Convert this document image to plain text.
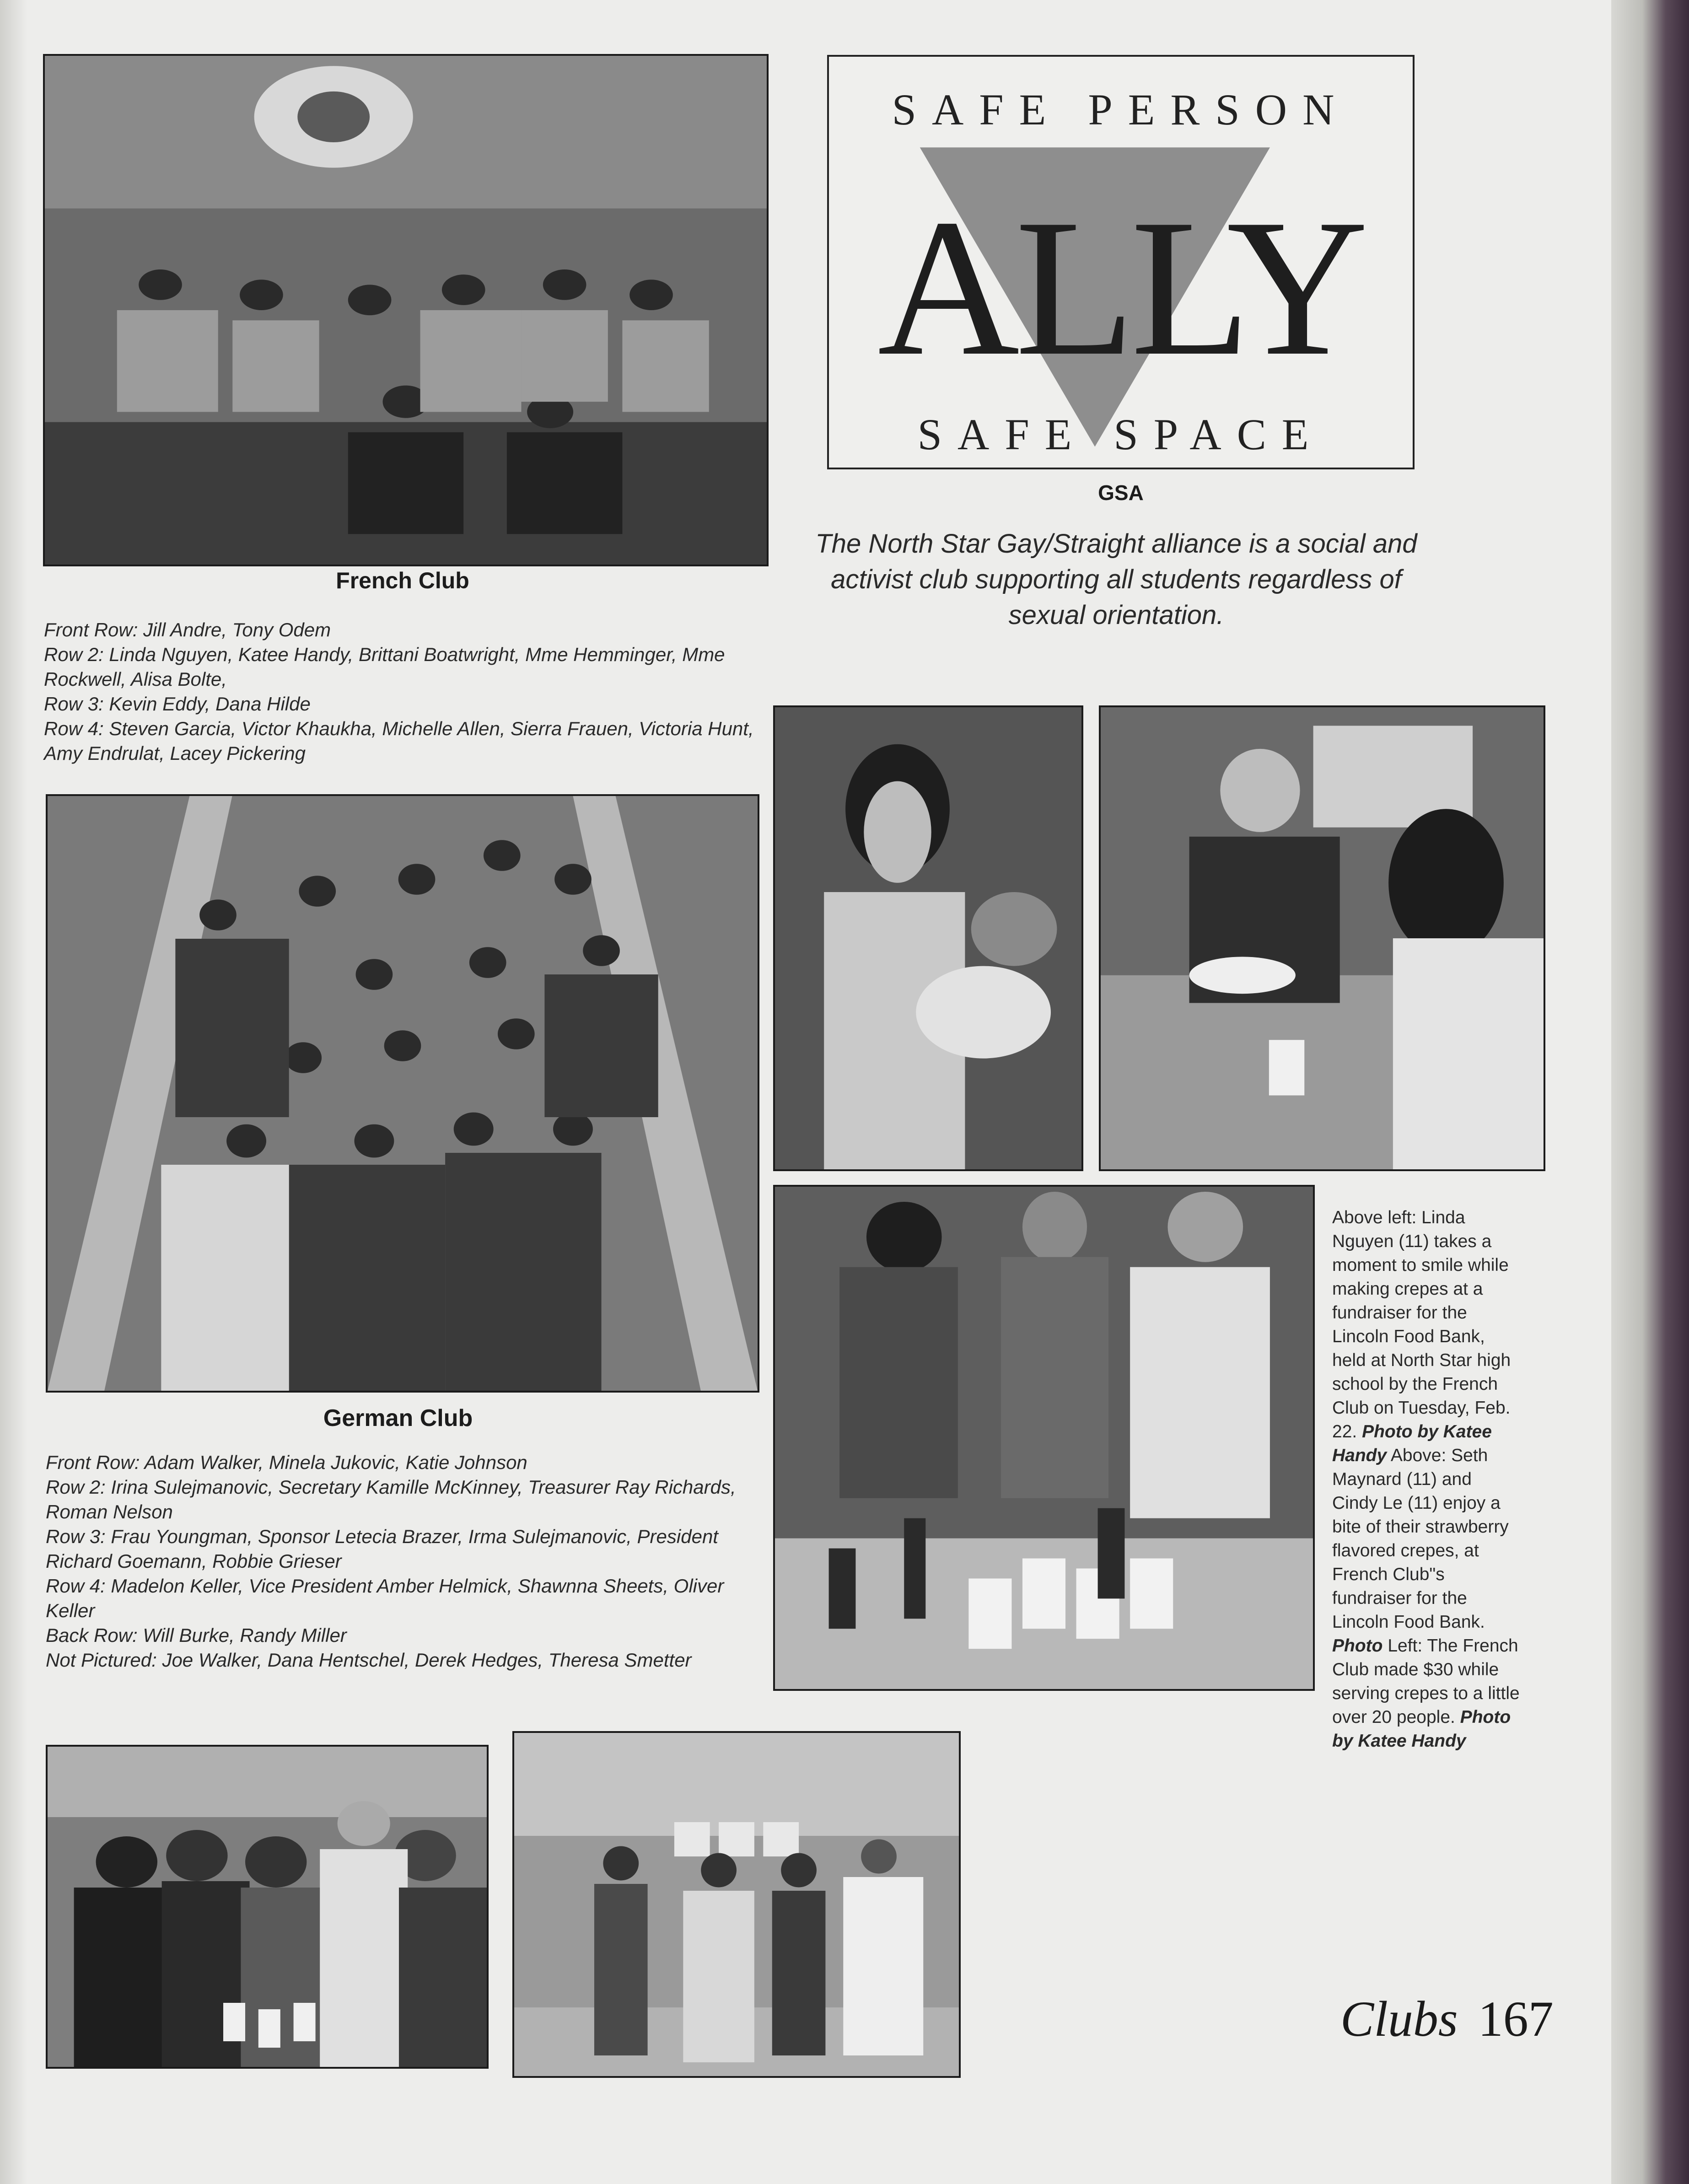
French Club
Front Row: Jill Andre, Tony Odem
Row 2: Linda Nguyen, Katee Handy, Brittani Boatwright, Mme Hemminger, Mme Rockwell, Alisa Bolte,
Row 3: Kevin Eddy, Dana Hilde
Row 4: Steven Garcia, Victor Khaukha, Michelle Allen, Sierra Frauen, Victoria Hunt, Amy Endrulat, Lacey Pickering
German Club
Front Row: Adam Walker, Minela Jukovic, Katie Johnson
Row 2: Irina Sulejmanovic, Secretary Kamille McKinney, Treasurer Ray Richards, Roman Nelson
Row 3: Frau Youngman, Sponsor Letecia Brazer, Irma Sulejmanovic, President Richard Goemann, Robbie Grieser
Row 4: Madelon Keller, Vice President Amber Helmick, Shawnna Sheets, Oliver Keller
Back Row: Will Burke, Randy Miller
Not Pictured: Joe Walker, Dana Hentschel, Derek Hedges, Theresa Smetter
SAFE PERSON
ALLY
SAFE SPACE
GSA
The North Star Gay/Straight alliance is a social and activist club supporting all students regardless of sexual orientation.
Above left: Linda Nguyen (11) takes a moment to smile while making crepes at a fundraiser for the Lincoln Food Bank, held at North Star high school by the French Club on Tuesday, Feb. 22. Photo by Katee Handy Above: Seth Maynard (11) and Cindy Le (11) enjoy a bite of their strawberry flavored crepes, at French Club"s fundraiser for the Lincoln Food Bank. Photo Left: The French Club made $30 while serving crepes to a little over 20 people. Photo by Katee Handy
Clubs 167
